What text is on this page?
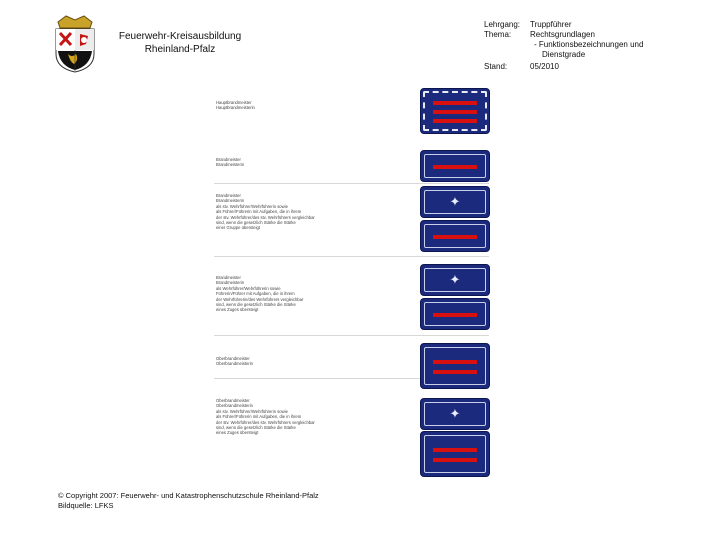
Feuerwehr-Kreisausbildung
Rheinland-Pfalz
Lehrgang:	Truppführer
Thema:	Rechtsgrundlagen
- Funktionsbezeichnungen und
Dienstgrade
Stand:	05/2010
Hauptbrandmeister
Hauptbrandmeisterin
Brandmeister
Brandmeisterin
Brandmeister
Brandmeisterin
als stv. Wehrführer/Wehrführerin sowie
als Führer/Führerin mit Aufgaben, die in ihrem
der stv. Wehrführer/des stv. Wehrführers vergleichbar
sind, wenn die gesetzlich Stärke die Stärke
einer Gruppe übersteigt
Brandmeister
Brandmeisterin
als Wehrführer/Wehrführerin sowie
Führerin/Führer mit Aufgaben, die in ihrem
der Wehrführerin/des Wehrführers vergleichbar
sind, wenn die gesetzlich Stärke die Stärke
eines Zuges übersteigt
Oberbrandmeister
Oberbrandmeisterin
Oberbrandmeister
Oberbrandmeisterin
als stv. Wehrführer/Wehrführerin sowie
als Führer/Führerin mit Aufgaben, die in ihrem
der stv. Wehrführer/des stv. Wehrführers vergleichbar
sind, wenn die gesetzlich Stärke die Stärke
eines Zuges übersteigt
✦
✦
✦
© Copyright 2007: Feuerwehr- und Katastrophenschutzschule Rheinland-Pfalz
Bildquelle: LFKS
